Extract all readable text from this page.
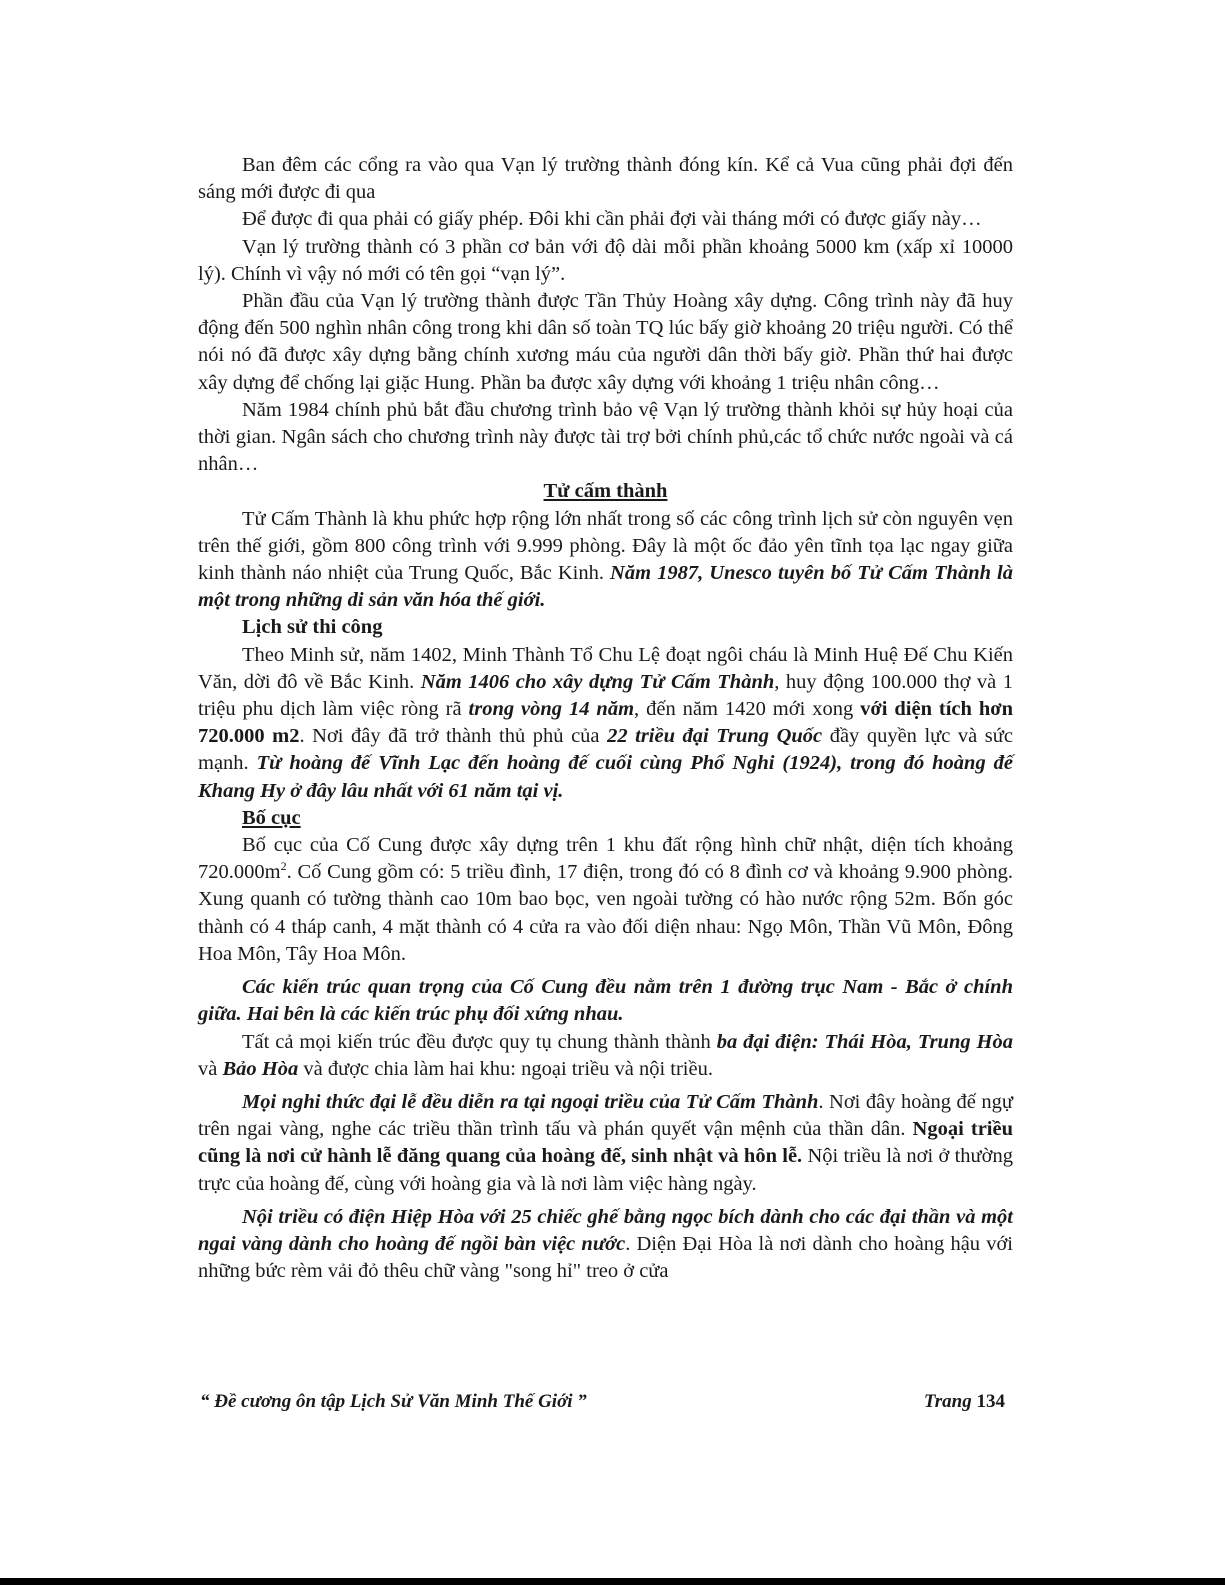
Ban đêm các cổng ra vào qua Vạn lý trường thành đóng kín. Kể cả Vua cũng phải đợi đến sáng mới được đi qua

Để được đi qua phải có giấy phép. Đôi khi cần phải đợi vài tháng mới có được giấy này…

Vạn lý trường thành có 3 phần cơ bản với độ dài mỗi phần khoảng 5000 km (xấp xỉ 10000 lý). Chính vì vậy nó mới có tên gọi “vạn lý”.

Phần đầu của Vạn lý trường thành được Tần Thủy Hoàng xây dựng. Công trình này đã huy động đến 500 nghìn nhân công trong khi dân số toàn TQ lúc bấy giờ khoảng 20 triệu người. Có thể nói nó đã được xây dựng bằng chính xương máu của người dân thời bấy giờ. Phần thứ hai được xây dựng để chống lại giặc Hung. Phần ba được xây dựng với khoảng 1 triệu nhân công…

Năm 1984 chính phủ bắt đầu chương trình bảo vệ Vạn lý trường thành khỏi sự hủy hoại của thời gian. Ngân sách cho chương trình này được tài trợ bởi chính phủ,các tổ chức nước ngoài và cá nhân…

Tử cấm thành

Tử Cấm Thành là khu phức hợp rộng lớn nhất trong số các công trình lịch sử còn nguyên vẹn trên thế giới, gồm 800 công trình với 9.999 phòng. Đây là một ốc đảo yên tĩnh tọa lạc ngay giữa kinh thành náo nhiệt của Trung Quốc, Bắc Kinh. Năm 1987, Unesco tuyên bố Tử Cấm Thành là một trong những di sản văn hóa thế giới.

Lịch sử thi công

Theo Minh sử, năm 1402, Minh Thành Tổ Chu Lệ đoạt ngôi cháu là Minh Huệ Đế Chu Kiến Văn, dời đô về Bắc Kinh. Năm 1406 cho xây dựng Tử Cấm Thành, huy động 100.000 thợ và 1 triệu phu dịch làm việc ròng rã trong vòng 14 năm, đến năm 1420 mới xong với diện tích hơn 720.000 m2. Nơi đây đã trở thành thủ phủ của 22 triều đại Trung Quốc đầy quyền lực và sức mạnh. Từ hoàng đế Vĩnh Lạc đến hoàng đế cuối cùng Phổ Nghi (1924), trong đó hoàng đế Khang Hy ở đây lâu nhất với 61 năm tại vị.

Bố cục

Bố cục của Cố Cung được xây dựng trên 1 khu đất rộng hình chữ nhật, diện tích khoảng $720.000m^2$. Cố Cung gồm có: 5 triều đình, 17 điện, trong đó có 8 đình cơ và khoảng 9.900 phòng. Xung quanh có tường thành cao 10m bao bọc, ven ngoài tường có hào nước rộng 52m. Bốn góc thành có 4 tháp canh, 4 mặt thành có 4 cửa ra vào đối diện nhau: Ngọ Môn, Thần Vũ Môn, Đông Hoa Môn, Tây Hoa Môn.

Các kiến trúc quan trọng của Cố Cung đều nằm trên 1 đường trục Nam - Bắc ở chính giữa. Hai bên là các kiến trúc phụ đối xứng nhau.

Tất cả mọi kiến trúc đều được quy tụ chung thành thành ba đại điện: Thái Hòa, Trung Hòa và Bảo Hòa và được chia làm hai khu: ngoại triều và nội triều.

Mọi nghi thức đại lễ đều diễn ra tại ngoại triều của Tử Cấm Thành. Nơi đây hoàng đế ngự trên ngai vàng, nghe các triều thần trình tấu và phán quyết vận mệnh của thần dân. Ngoại triều cũng là nơi cử hành lễ đăng quang của hoàng đế, sinh nhật và hôn lễ. Nội triều là nơi ở thường trực của hoàng đế, cùng với hoàng gia và là nơi làm việc hàng ngày.

Nội triều có điện Hiệp Hòa với 25 chiếc ghế bằng ngọc bích dành cho các đại thần và một ngai vàng dành cho hoàng đế ngồi bàn việc nước. Diện Đại Hòa là nơi dành cho hoàng hậu với những bức rèm vải đỏ thêu chữ vàng "song hỉ" treo ở cửa

“ Đề cương ôn tập Lịch Sử Văn Minh Thế Giới ”	Trang 134
